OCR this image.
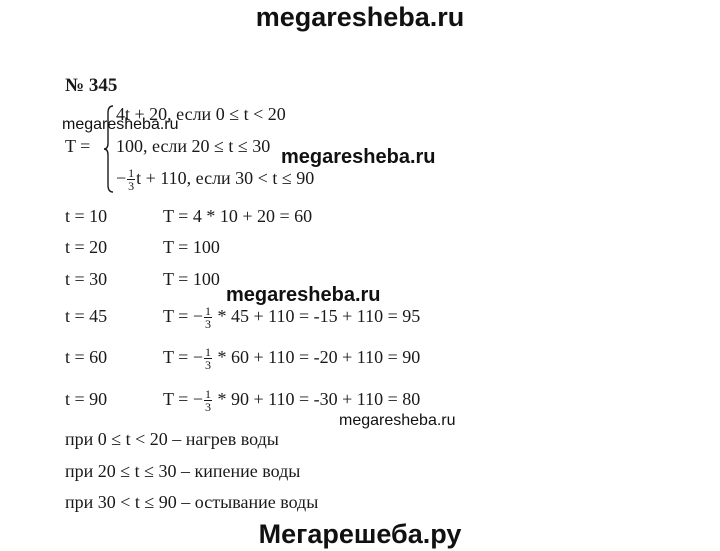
megaresheba.ru
№ 345
T =
4t + 20, если 0 ≤ t < 20
100, если 20 ≤ t ≤ 30
− $\frac{1}{3}$ t + 110, если 30 < t ≤ 90
t = 10	T = 4 * 10 + 20 = 60
t = 20	T = 100
t = 30	T = 100
t = 45	T = − $\frac{1}{3} * 45 + 110 = -15 + 110 = 95$
t = 60	T = − $\frac{1}{3} * 60 + 110 = -20 + 110 = 90$
t = 90	T = − $\frac{1}{3} * 90 + 110 = -30 + 110 = 80$
при 0 ≤ t < 20 – нагрев воды
при 20 ≤ t ≤ 30 – кипение воды
при 30 < t ≤ 90 – остывание воды
megaresheba.ru
megaresheba.ru
megaresheba.ru
megaresheba.ru
Мегарешеба.ру
